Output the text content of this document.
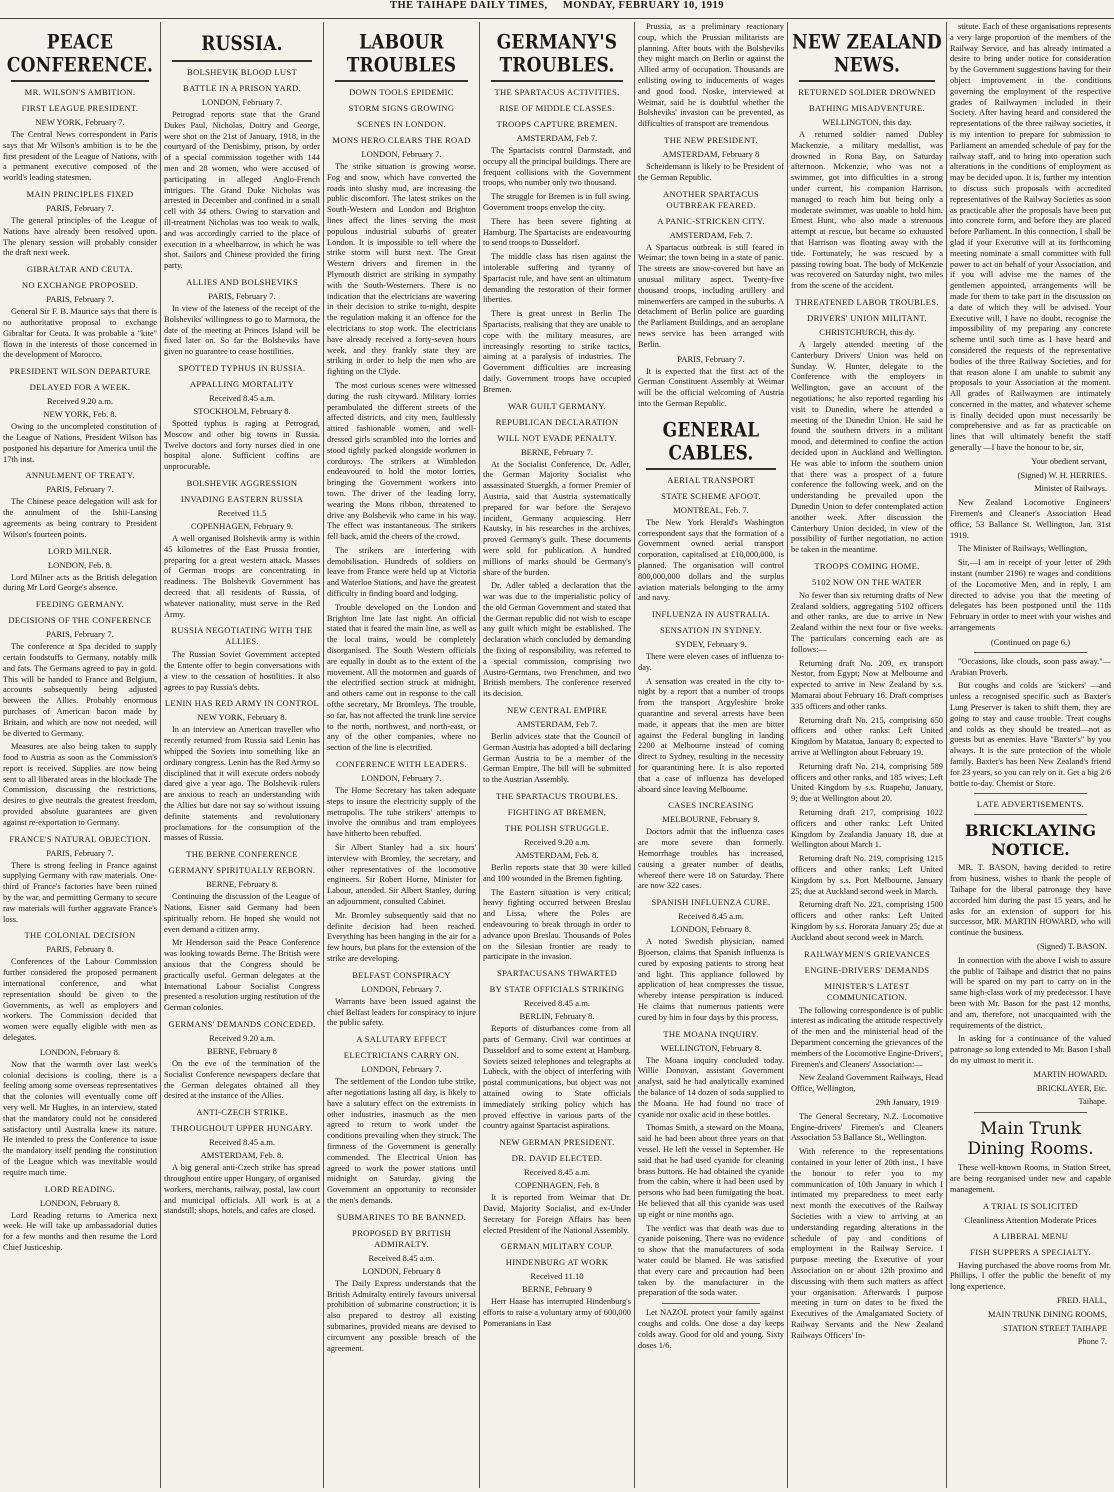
THE TAIHAPE DAILY TIMES, MONDAY, FEBRUARY 10, 1919
PEACE CONFERENCE.
MR. WILSON'S AMBITION.
FIRST LEAGUE PRESIDENT.
NEW YORK, February 7.
The Central News correspondent in Paris says that Mr Wilson's ambition is to be the first president of the League of Nations, with a permanent executive composed of the world's leading statesmen.
MAIN PRINCIPLES FIXED
PARIS, February 7.
The general principles of the League of Nations have already been resolved upon. The plenary session will probably consider the draft next week.
GIBRALTAR AND CEUTA.
NO EXCHANGE PROPOSED.
PARIS, February 7.
General Sir F. B. Maurice says that there is no authoritative proposal to exchange Gibraltar for Ceuta. It was probable a "kite" flown in the interests of those concerned in the development of Morocco.
PRESIDENT WILSON DEPARTURE
DELAYED FOR A WEEK.
Received 9.20 a.m.
NEW YORK, Feb. 8.
Owing to the uncompleted constitution of the League of Nations, President Wilson has postponed his departure for America until the 17th inst.
ANNULMENT OF TREATY.
PARIS, February 7.
The Chinese peace delegation will ask for the annulment of the Ishii-Lansing agreements as being contrary to President Wilson's fourteen points.
LORD MILNER.
LONDON, Feb. 8.
Lord Milner acts as the British delegation during Mr Lord George's absence.
FEEDING GERMANY.
DECISIONS OF THE CONFERENCE
PARIS, February 7.
The conference at Spa decided to supply certain foodstuffs to Germany, notably milk and fats. The Germans agreed to pay in gold. This will be handed to France and Belgium, accounts subsequently being adjusted between the Allies. Probably enormous purchases of American bacon made by Britain, and which are now not needed, will be diverted to Germany.
Measures are also being taken to supply food to Austria as soon as the Commission's report is received. Supplies are now being sent to all liberated areas in the blockade The Commission, discussing the restrictions, desires to give neutrals the greatest freedom, provided absolute guarantees are given against re-exportation to Germany.
FRANCE'S NATURAL OBJECTION.
PARIS, February 7.
There is strong feeling in France against supplying Germany with raw materials. One-third of France's factories have been ruined by the war, and permitting Germany to secure raw materials will further aggravate France's loss.
THE COLONIAL DECISION
PARIS, February 8.
Conferences of the Labour Commission further considered the proposed permanent international conference, and what representation should be given to the Governments, as well as employers and workers. The Commission decided that women were equally eligible with men as delegates.
LONDON, February 8.
Now that the warmth over last week's colonial decisions is cooling, there is a feeling among some overseas representatives that the colonies will eventually come off very well. Mr Hughes, in an interview, stated that the mandatory could not be considered satisfactory until Australia knew its nature. He intended to press the Conference to issue the mandatory itself pending the constitution of the League which was inevitable would require much time.
LORD READING.
LONDON, February 8.
Lord Reading returns to America next week. He will take up ambassadorial duties for a few months and then resume the Lord Chief Justiceship.
RUSSIA.
BOLSHEVIK BLOOD LUST
BATTLE IN A PRISON YARD.
LONDON, February 7.
Petrograd reports state that the Grand Dukes Paul, Nicholas, Doitry and George, were shot on the 21st of January, 1918, in the courtyard of the Denisbimy, prison, by order of a special commission together with 144 men and 28 women, who were accused of participating in alleged Anglo-French intrigues. The Grand Duke Nicholas was arrested in December and confined in a small cell with 34 others. Owing to starvation and ill-treatment Nicholas was too weak to walk, and was accordingly carried to the place of execution in a wheelbarrow, in which he was shot. Sailors and Chinese provided the firing party.
ALLIES AND BOLSHEVIKS
PARIS, February 7.
In view of the lateness of the receipt of the Bolsheviks' willingness to go to Marmora, the date of the meeting at Princes Island will be fixed later on. So far the Bolsheviks have given no guarantee to cease hostilities.
SPOTTED TYPHUS IN RUSSIA.
APPALLING MORTALITY
Received 8.45 a.m.
STOCKHOLM, February 8.
Spotted typhus is raging at Petrograd, Moscow and other big towns in Russia. Twelve doctors and forty nurses died in one hospital alone. Sufficient coffins are unprocurable.
BOLSHEVIK AGGRESSION
INVADING EASTERN RUSSIA
Received 11.5
COPENHAGEN, February 9.
A well organised Bolshevik army is within 45 kilometres of the East Prussia frontier, preparing for a great western attack. Masses of German troops are concentrating in readiness. The Bolshevik Government has decreed that all residents of Russia, of whatever nationality, must serve in the Red Army.
RUSSIA NEGOTIATING WITH THE ALLIES.
The Russian Soviet Government accepted the Entente offer to begin conversations with a view to the cessation of hostilities. It also agrees to pay Russia's debts.
LENIN HAS RED ARMY IN CONTROL
NEW YORK, February 8.
In an interview an American traveller who recently returned from Russia said Lenin has whipped the Soviets into something like an ordinary congress. Lenin has the Red Army so disciplined that it will execute orders nobody dared give a year ago. The Bolshevik rulers are anxious to reach an understanding with the Allies but dare not say so without issuing definite statements and revolutionary proclamations for the consumption of the masses of Russia.
THE BERNE CONFERENCE
GERMANY SPIRITUALLY REBORN.
BERNE, February 8.
Continuing the discussion of the League of Nations, Eisner said Germany had been spiritually reborn. He hoped she would not even demand a citizen army.
Mr Henderson said the Peace Conference was looking towards Berne. The British were anxious that the Congress should be practically useful. German delegates at the International Labour Socialist Congress presented a resolution urging restitution of the German colonies.
GERMANS' DEMANDS CONCEDED.
Received 9.20 a.m.
BERNE, February 8
On the eve of the termination of the Socialist Conference newspapers declare that the German delegates obtained all they desired at the instance of the Allies.
ANTI-CZECH STRIKE.
THROUGHOUT UPPER HUNGARY.
Received 8.45 a.m.
AMSTERDAM, Feb. 8.
A big general anti-Czech strike has spread throughout entire upper Hungary, of organised workers, merchants, railway, postal, law court and municipal officials. All work is at a standstill; shops, hotels, and cafes are closed.
LABOUR TROUBLES
DOWN TOOLS EPIDEMIC
STORM SIGNS GROWING
SCENES IN LONDON.
MONS HERO CLEARS THE ROAD
LONDON, February 7.
The strike situation is growing worse. Fog and snow, which have converted the roads into slushy mud, are increasing the public discomfort. The latest strikes on the South-Western and London and Brighton lines affect the lines serving the most populous industrial suburbs of greater London. It is impossible to tell where the strike storm will burst next. The Great Western drivers and firemen in the Plymouth district are striking in sympathy with the South-Westerners. There is no indication that the electricians are wavering in their decision to strike to-night, despite the regulation making it an offence for the electricians to stop work. The electricians have already received a forty-seven hours week, and they frankly state they are striking in order to help the men who are fighting on the Clyde.
The most curious scenes were witnessed during the rush cityward. Military lorries perambulated the different streets of the affected districts, and city men, faultlessly attired fashionable women, and well-dressed girls scrambled into the lorries and stood tightly packed alongside workmen in corduroys. The strikers at Wimbledon endeavoured to hold the motor lorries, bringing the Government workers into town. The driver of the leading lorry, wearing the Mons ribbon, threatened to drive any Bolshevik who came in his way. The effect was instantaneous. The strikers fell back, amid the cheers of the crowd.
The strikers are interfering with demobilisation. Hundreds of soldiers on leave from France were held up at Victoria and Waterloo Stations, and have the greatest difficulty in finding board and lodging.
Trouble developed on the London and Brighton line late last night. An official stated that it feared the main line, as well as the local trains, would be completely disorganised. The South Western officials are equally in doubt as to the extent of the movement. All the motormen and guards of the electrified section struck at midnight, and others came out in response to the call ofthe secretary, Mr Bromleys. The trouble, so far, has not affected the trunk line service to the north, northwest, and north-east, or any of the other companies, where no section of the line is electrified.
CONFERENCE WITH LEADERS.
LONDON, February 7.
The Home Secretary has taken adequate steps to insure the electricity supply of the metropolis. The tube strikers' attempts to involve the omnibus and tram employees have hitherto been rebuffed.
Sir Albert Stanley had a six hours' interview with Bromley, the secretary, and other representatives of the locomotive engineers. Sir Robert Horne, Minister for Labour, attended. Sir Albert Stanley, during an adjournment, consulted Cabinet.
Mr. Bromley subsequently said that no definite decision had been reached. Everything has been hanging in the air for a few hours, but plans for the extension of the strike are developing.
BELFAST CONSPIRACY
LONDON, February 7.
Warrants have been issued against the chief Belfast leaders for conspiracy to injure the public safety.
A SALUTARY EFFECT
ELECTRICIANS CARRY ON.
LONDON, February 7.
The settlement of the London tube strike, after negotiations lasting all day, is likely to have a salutary effect on the extremists in other industries, inasmuch as the men agreed to return to work under the conditions prevailing when they struck. The firmness of the Government is generally commended. The Electrical Union has agreed to work the power stations until midnight on Saturday, giving the Government an opportunity to reconsider the men's demands.
SUBMARINES TO BE BANNED.
PROPOSED BY BRITISH ADMIRALTY.
Received 8.45 a.m.
LONDON, February 8
The Daily Express understands that the British Admiralty entirely favours universal prohibition of submarine construction; it is also prepared to destroy all existing submarines, provided means are devised to circumvent any possible breach of the agreement.
GERMANY'S TROUBLES.
THE SPARTACUS ACTIVITIES.
RISE OF MIDDLE CLASSES.
TROOPS CAPTURE BREMEN.
AMSTERDAM, Feb 7.
The Spartacists control Darmstadt, and occupy all the principal buildings. There are frequent collisions with the Government troops, who number only two thousand.
The struggle for Bremen is in full swing. Government troops envelop the city.
There has been severe fighting at Hamburg. The Spartacists are endeavouring to send troops to Dusseldorf.
The middle class has risen against the intolerable suffering and tyranny of Spartacist rule, and have sent an ultimatum demanding the restoration of their former liberties.
There is great unrest in Berlin The Spartacists, realising that they are unable to cope with the military measures, are increasingly resorting to strike tactics, aiming at a paralysis of industries. The Government difficulties are increasing daily. Government troops have occupied Bremen.
WAR GUILT GERMANY.
REPUBLICAN DECLARATION
WILL NOT EVADE PENALTY.
BERNE, February 7.
At the Socialist Conference, Dr. Adler, the German Majority Socialist who assassinated Stuergkh, a former Premier of Austria, said that Austria systematically prepared for war before the Serajevo incident, Germany acquiescing. Herr Kautsky, in his researches in the archives, proved Germany's guilt. These documents were sold for publication. A hundred millions of marks should be Germany's share of the burden.
Dr. Adler tabled a declaration that the war was due to the imperialistic policy of the old German Government and stated that the German republic did not wish to escape any guilt which might be established. The declaration which concluded by demanding the fixing of responsibility, was referred to a special commission, comprising two Austro-Germans, two Frenchmen, and two British members. The conference reserved its decision.
NEW CENTRAL EMPIRE
AMSTERDAM, Feb 7.
Berlin advices state that the Council of German Austria has adopted a bill declaring German Austria to be a member of the German Empire. The bill will be submitted to the Austrian Assembly.
THE SPARTACUS TROUBLES.
FIGHTING AT BREMEN,
THE POLISH STRUGGLE.
Received 9.20 a.m.
AMSTERDAM, Feb. 8.
Berlin reports state that 30 were killed and 100 wounded in the Bremen fighting.
The Eastern situation is very critical; heavy fighting occurred between Breslau and Lissa, where the Poles are endeavouring to break through in order to advance upon Breslau. Thousands of Poles on the Silesian frontier are ready to participate in the invasion.
SPARTACUSANS THWARTED
BY STATE OFFICIALS STRIKING
Received 8.45 a.m.
BERLIN, February 8.
Reports of disturbances come from all parts of Germany. Civil war continues at Dusseldorf and to some extent at Hamburg. Soviets seized telephones and telegraphs at Lubeck, with the object of interfering with postal communications, but object was not attained owing to State officials immediately striking policy which has proved effective in various parts of the country against Spartacist aspirations.
NEW GERMAN PRESIDENT.
DR. DAVID ELECTED.
Received 8.45 a.m.
COPENHAGEN, Feb. 8
It is reported from Weimar that Dr. David, Majority Socialist, and ex-Under Secretary for Foreign Affairs has been elected President of the National Assembly.
GERMAN MILITARY COUP.
HINDENBURG AT WORK
Received 11.10
BERNE, February 9
Herr Haase has interrupted Hindenburg's efforts to raise a voluntary army of 600,000 Pomeranians in East
Prussia, as a preliminary reactionary coup, which the Prussian militarists are planning. After bouts with the Bolsheviks they might march on Berlin or against the Allied army of occupation. Thousands are enlisting owing to inducements of wages and good food. Noske, interviewed at Weimar, said he is doubtful whether the Bolsheviks' invasion can be prevented, as difficulties of transport are tremendous
THE NEW PRESIDENT.
AMSTERDAM, February 8
Scheidemann is likely to be President of the German Republic.
ANOTHER SPARTACUS OUTBREAK FEARED.
A PANIC-STRICKEN CITY.
AMSTERDAM, Feb. 7.
A Spartacus outbreak is still feared in Weimar; the town being in a state of panic. The streets are snow-covered but have an unusual military aspect. Twenty-five thousand troops, including artillery and minenwerfers are camped in the suburbs. A detachment of Berlin police are guarding the Parliament Buildings, and an aeroplane news service has been arranged with Berlin.
PARIS, February 7.
It is expected that the first act of the German Constituent Assembly at Weimar will be the official welcoming of Austria into the German Republic.
GENERAL CABLES.
AERIAL TRANSPORT
STATE SCHEME AFOOT.
MONTREAL, Feb. 7.
The New York Herald's Washington correspondent says that the formation of a Government owned aerial transport corporation, capitalised at £10,000,000, is planned. The organisation will control 800,000,000 dollars and the surplus aviation materials belonging to the army and navy.
INFLUENZA IN AUSTRALIA.
SENSATION IN SYDNEY.
SYDEY, February 9.
There were eleven cases of influenza to-day.
A sensation was created in the city to-night by a report that a number of troops from the transport Argyleshire broke quarantine and several arrests have been made, it appears that the men are bitter against the Federal bungling in landing 2200 at Melbourne instead of coming direct to Sydney, resulting in the necessity for quarantining here. It is also reported that a case of influenza has developed aboard since leaving Melbourne.
CASES INCREASING
MELBOURNE, February 9.
Doctors admit that the influenza cases are more severe than formerly. Hemorrhage troubles has increased, causing a greater number of deaths, whereof there were 18 on Saturday. There are now 322 cases.
SPANISH INFLUENZA CURE.
Received 8.45 a.m.
LONDON, February 8.
A noted Swedish physician, named Bjoerson, claims that Spanish influenza is cured by exposing patients to strong heat and light. This appliance followed by application of heat compresses the tissue, whereby intense perspiration is induced. He claims that numerous patients were cured by him in four days by this process.
THE MOANA INQUIRY.
WELLINGTON, February 8.
The Moana inquiry concluded today. Willie Donovan, assistant Government analyst, said he had analytically examined the balance of 14 dozen of soda supplied to the Moana. He had found no trace of cyanide nor oxalic acid in these bottles.
Thomas Smith, a steward on the Moana, said he had been about three years on that vessel. He left the vessel in September. He said that he had used cyanide for cleaning brass buttons. He had obtained the cyanide from the cabin, where it had been used by persons who had been fumigating the boat. He believed that all this cyanide was used up eight or nine months ago.
The verdict was that death was due to cyanide poisoning. There was no evidence to show that the manufacturers of soda water could be blamed. He was satisfied that every care and precaution had been taken by the manufacturer in the preparation of the soda water.
Let NAZOL protect your family against coughs and colds. One dose a day keeps colds away. Good for old and young. Sixty doses 1/6.
NEW ZEALAND NEWS.
RETURNED SOLDIER DROWNED
BATHING MISADVENTURE.
WELLINGTON, this day.
A returned soldier named Dubley Mackenzie, a military medallist, was drowned in Rona Bay, on Saturday afternoon. Mckenzie, who was not a swimmer, got into difficulties in a strong under current, his companion Harrison, managed to reach him but being only a moderate swimmer, was unable to hold him. Ernest Hunt, who also made a strenuous attempt at rescue, but became so exhausted that Harrison was floating away with the tide. Fortunately, he was rescued by a passing rowing boat. The body of McKenzie was recovered on Saturday night, two miles from the scene of the accident.
THREATENED LABOR TROUBLES.
DRIVERS' UNION MILITANT.
CHRISTCHURCH, this dy.
A largely attended meeting of the Canterbury Drivers' Union was held on Sunday. W. Hunter, delegate to the Conference with the employers in Wellington, gave an account of the negotiations; he also reported regarding his visit to Dunedin, where he attended a meeting of the Dunedin Union. He said he found the southern drivers in a militant mood, and determined to confine the action decided upon in Auckland and Wellington. He was able to inform the southern union that there was a prospect of a future conference the following week, and on the understanding he prevailed upon the Dunedin Union to defer contemplated action another week. After discussion the Canterbury Union decided, in view of the possibility of further negotiation, no action be taken in the meantime.
TROOPS COMING HOME.
5102 NOW ON THE WATER
No fewer than six returning drafts of New Zealand soldiers, aggregating 5102 officers and other ranks, are due to arrive in New Zealand within the next four or five weeks. The particulars concerning each are as follows:—
Returning draft No. 209, ex transport Nestor, from Egypt; Now at Melbourne and expected to arrive in New Zealand by s.s. Mamarai about February 16. Draft comprises 335 officers and other ranks.
Returning draft No. 215, comprising 650 officers and other ranks: Left United Kingdom by Matatua, January 8; expected to arrive at Wellington about February 19.
Returning draft No. 214, comprising 589 officers and other ranks, and 185 wives; Left United Kingdom by s.s. Ruapehu, January, 9; due at Wellington about 20.
Returning draft 217, comprising 1022 officers and other ranks: Left United Kingdom by Zealandia January 18, due at Wellington about March 1.
Returning draft No. 219, comprising 1215 officers and other ranks; Left United Kingdom by s.s. Port Melbourne, January 25; due at Auckland second week in March.
Returning draft No. 221, comprising 1500 officers and other ranks: Left United Kingdom by s.s. Hororata January 25; due at Auckland about second week in March.
RAILWAYMEN'S GRIEVANCES
ENGINE-DRIVERS' DEMANDS
MINISTER'S LATEST COMMUNICATION.
The following correspondence is of public interest as indicating the attitude respectively of the men and the ministerial head of the Department concerning the grievances of the members of the Locomotive Engine-Drivers', Firemen's and Cleaners' Association:—
New Zealand Government Railways, Head Office, Wellington,
29th January, 1919
The General Secretary, N.Z. Locomotive Engine-drivers' Firemen's and Cleaners Association 53 Ballance St., Wellington.
With reference to the representations contained in your letter of 20th inst., I have the honour to refer you to my communication of 10th January in which I intimated my preparedness to meet early next month the executives of the Railway Societies with a view to arriving at an understanding regarding alterations in the schedule of pay and conditions of employment in the Railway Service. I purpose meeting the Executive of your Association on or about 12th proximo and discussing with them such matters as affect your organisation. Afterwards I purpose meeting in turn on dates to be fixed the Executives of the Amalgamated Society of Railway Servants and the New Zealand Railways Officers' In-
stitute. Each of these organisations represents a very large proportion of the members of the Railway Service, and has already intimated a desire to bring under notice for consideration by the Government suggestions having for their object improvement in the conditions governing the employment of the respective grades of Railwaymen included in their Society. After having heard and considered the representations of the three railway societies, it is my intention to prepare for submission to Parliament an amended schedule of pay for the railway staff, and to bring into operation such alterations in the conditions of employment as may be decided upon. It is, further my intention to discuss such proposals with accredited representatives of the Railway Societies as soon as practicable after the proposals have been put into concrete form, and before they are placed before Parliament. In this connection, I shall be glad if your Executive will at its forthcoming meeting nominate a small committee with full power to act on behalf of your Association, and if you will advise me the names of the gentlemen appointed, arrangements will be made for them to take part in the discussion on a date of which they will be advised. Your Executive will, I have no doubt, recognise the impossibility of my preparing any concrete scheme until such time as I have heard and considered the requests of the representative bodies of the three Railway Societies, and for that reason alone I am unable to submit any proposals to your Association at the moment. All grades of Railwaymen are intimately concerned in the matter, and whatever scheme is finally decided upon must necessarily be comprehensive and as far as practicable on lines that will ultimately benefit the staff generally —I have the honour to be, sir,
Your obedient servant,
(Signed) W. H. HERRIES.
Minister of Railways.
New Zealand Locomotive Engineers' Firemen's and Cleaner's Association Head office, 53 Ballance St. Wellington, Jan. 31st 1919.
The Minister of Railways, Wellington,
Sir,—I am in receipt of your letter of 29th instant (number 2196) re wages and conditions of the Locomotive Men, and in reply, I am directed to advise you that the meeting of delegates has been postponed until the 11th February in order to meet with your wishes and arrangements
(Continued on page 6.)
"Occasions, like clouds, soon pass away."—Arabian Proverb.
But coughs and colds are 'stickers' —and unless a recognised specific such as Baxter's Lung Preserver is taken to shift them, they are going to stay and cause trouble. Treat coughs and colds as they should be treated—not as guests but as enemies. Have "Baxter's" by you always. It is the sure protection of the whole family. Baxter's has been New Zealand's friend for 23 years, so you can rely on it. Get a big 2/6 bottle to-day. Chemist or Store.
LATE ADVERTISEMENTS.
BRICKLAYING NOTICE.
MR. T. BASON, having decided to retire from business, wishes to thank the people of Taihape for the liberal patronage they have accorded him during the past 15 years, and he asks for an extension of support for his successor, MR. MARTIN HOWARD, who will continue the business.
(Signed) T. BASON.
In connection with the above I wish to assure the public of Taihape and district that no pains will be spared on my part to carry on in the same high-class work of my predecessor. I have been with Mr. Bason for the past 12 months, and am, therefore, not unacquainted with the requirements of the district.
In asking for a continuance of the valued patronage so long extended to Mr. Bason I shall do my utmost to merit it.
MARTIN HOWARD.
BRICKLAYER, Etc.
Taihape.
Main Trunk Dining Rooms.
These well-known Rooms, in Station Street, are being reorganised under new and capable management.
A TRIAL IS SOLICITED
Cleanliness Attention Moderate Prices
A LIBERAL MENU
FISH SUPPERS A SPECIALTY.
Having purchased the above rooms from Mr. Phillips, I offer the public the benefit of my long experience.
FRED. HALL,
MAIN TRUNK DINING ROOMS,
STATION STREET TAIHAPE
Phone 7.
